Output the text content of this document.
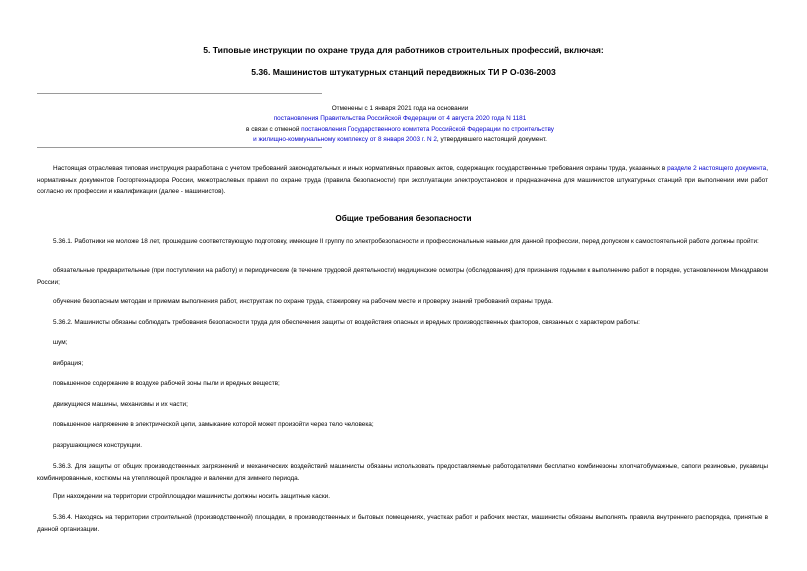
5. Типовые инструкции по охране труда для работников строительных профессий, включая:
5.36. Машинистов штукатурных станций передвижных ТИ Р О-036-2003
Отменены с 1 января 2021 года на основании
постановления Правительства Российской Федерации от 4 августа 2020 года N 1181
в связи с отменой постановления Государственного комитета Российской Федерации по строительству
и жилищно-коммунальному комплексу от 8 января 2003 г. N 2, утвердившего настоящий документ.
Настоящая отраслевая типовая инструкция разработана с учетом требований законодательных и иных нормативных правовых актов, содержащих государственные требования охраны труда, указанных в разделе 2 настоящего документа, нормативных документов Госгортехнадзора России, межотраслевых правил по охране труда (правила безопасности) при эксплуатации электроустановок и предназначена для машинистов штукатурных станций при выполнении ими работ согласно их профессии и квалификации (далее - машинистов).
Общие требования безопасности
5.36.1. Работники не моложе 18 лет, прошедшие соответствующую подготовку, имеющие II группу по электробезопасности и профессиональные навыки для данной профессии, перед допуском к самостоятельной работе должны пройти:
обязательные предварительные (при поступлении на работу) и периодические (в течение трудовой деятельности) медицинские осмотры (обследования) для признания годными к выполнению работ в порядке, установленном Минздравом России;
обучение безопасным методам и приемам выполнения работ, инструктаж по охране труда, стажировку на рабочем месте и проверку знаний требований охраны труда.
5.36.2. Машинисты обязаны соблюдать требования безопасности труда для обеспечения защиты от воздействия опасных и вредных производственных факторов, связанных с характером работы:
шум;
вибрация;
повышенное содержание в воздухе рабочей зоны пыли и вредных веществ;
движущиеся машины, механизмы и их части;
повышенное напряжение в электрической цепи, замыкание которой может произойти через тело человека;
разрушающиеся конструкции.
5.36.3. Для защиты от общих производственных загрязнений и механических воздействий машинисты обязаны использовать предоставляемые работодателями бесплатно комбинезоны хлопчатобумажные, сапоги резиновые, рукавицы комбинированные, костюмы на утепляющей прокладке и валенки для зимнего периода.
При нахождении на территории стройплощадки машинисты должны носить защитные каски.
5.36.4. Находясь на территории строительной (производственной) площадки, в производственных и бытовых помещениях, участках работ и рабочих местах, машинисты обязаны выполнять правила внутреннего распорядка, принятые в данной организации.
